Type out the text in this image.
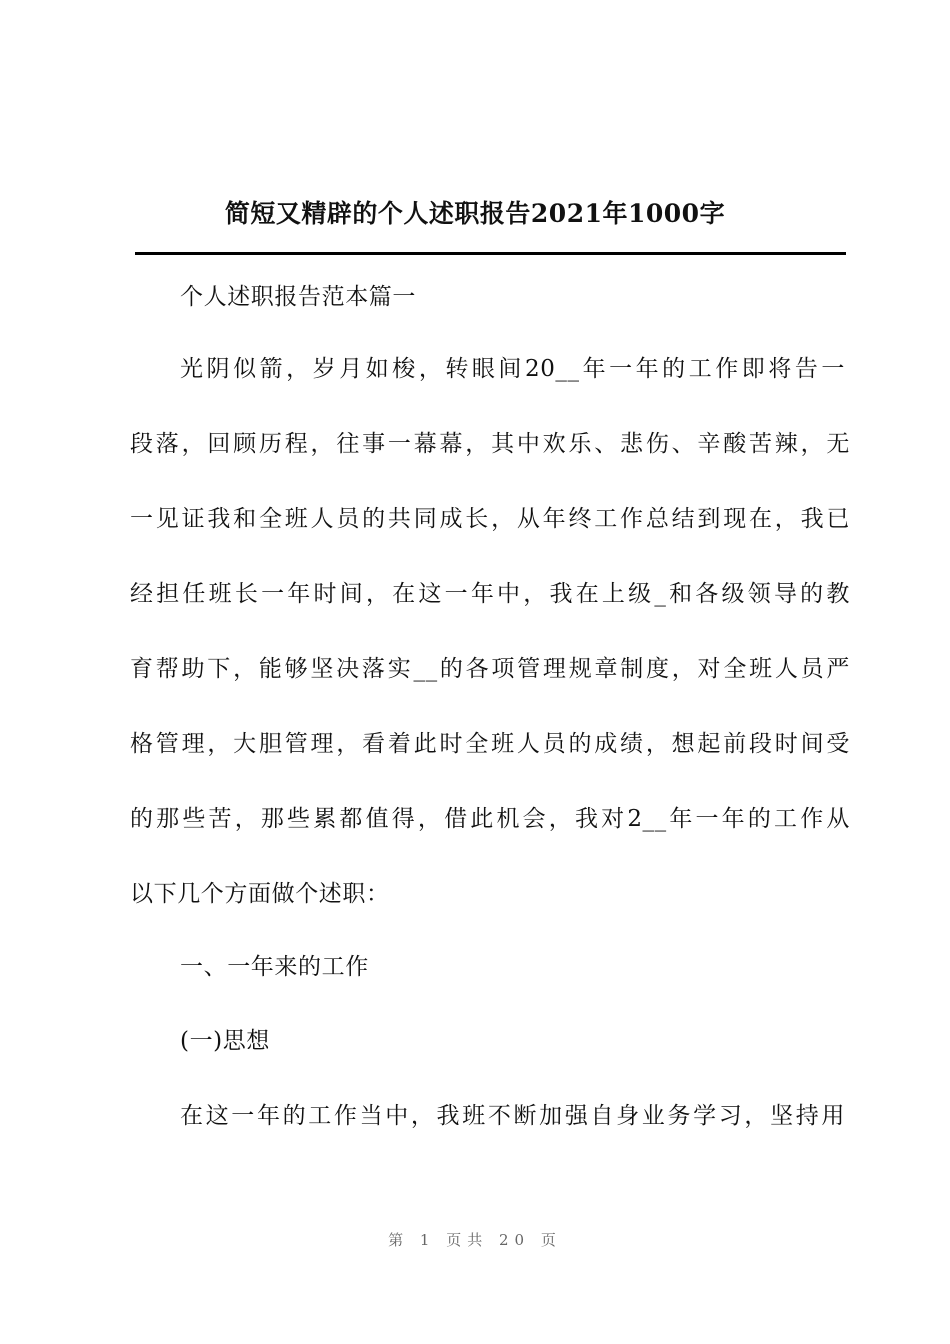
简短又精辟的个人述职报告2021年1000字
个人述职报告范本篇一
光阴似箭，岁月如梭，转眼间20__年一年的工作即将告一
段落，回顾历程，往事一幕幕，其中欢乐、悲伤、辛酸苦辣，无
一见证我和全班人员的共同成长，从年终工作总结到现在，我已
经担任班长一年时间，在这一年中，我在上级_和各级领导的教
育帮助下，能够坚决落实__的各项管理规章制度，对全班人员严
格管理，大胆管理，看着此时全班人员的成绩，想起前段时间受
的那些苦，那些累都值得，借此机会，我对2__年一年的工作从
以下几个方面做个述职：
一、一年来的工作
(一)思想
在这一年的工作当中，我班不断加强自身业务学习，坚持用
第 1 页共 20 页
